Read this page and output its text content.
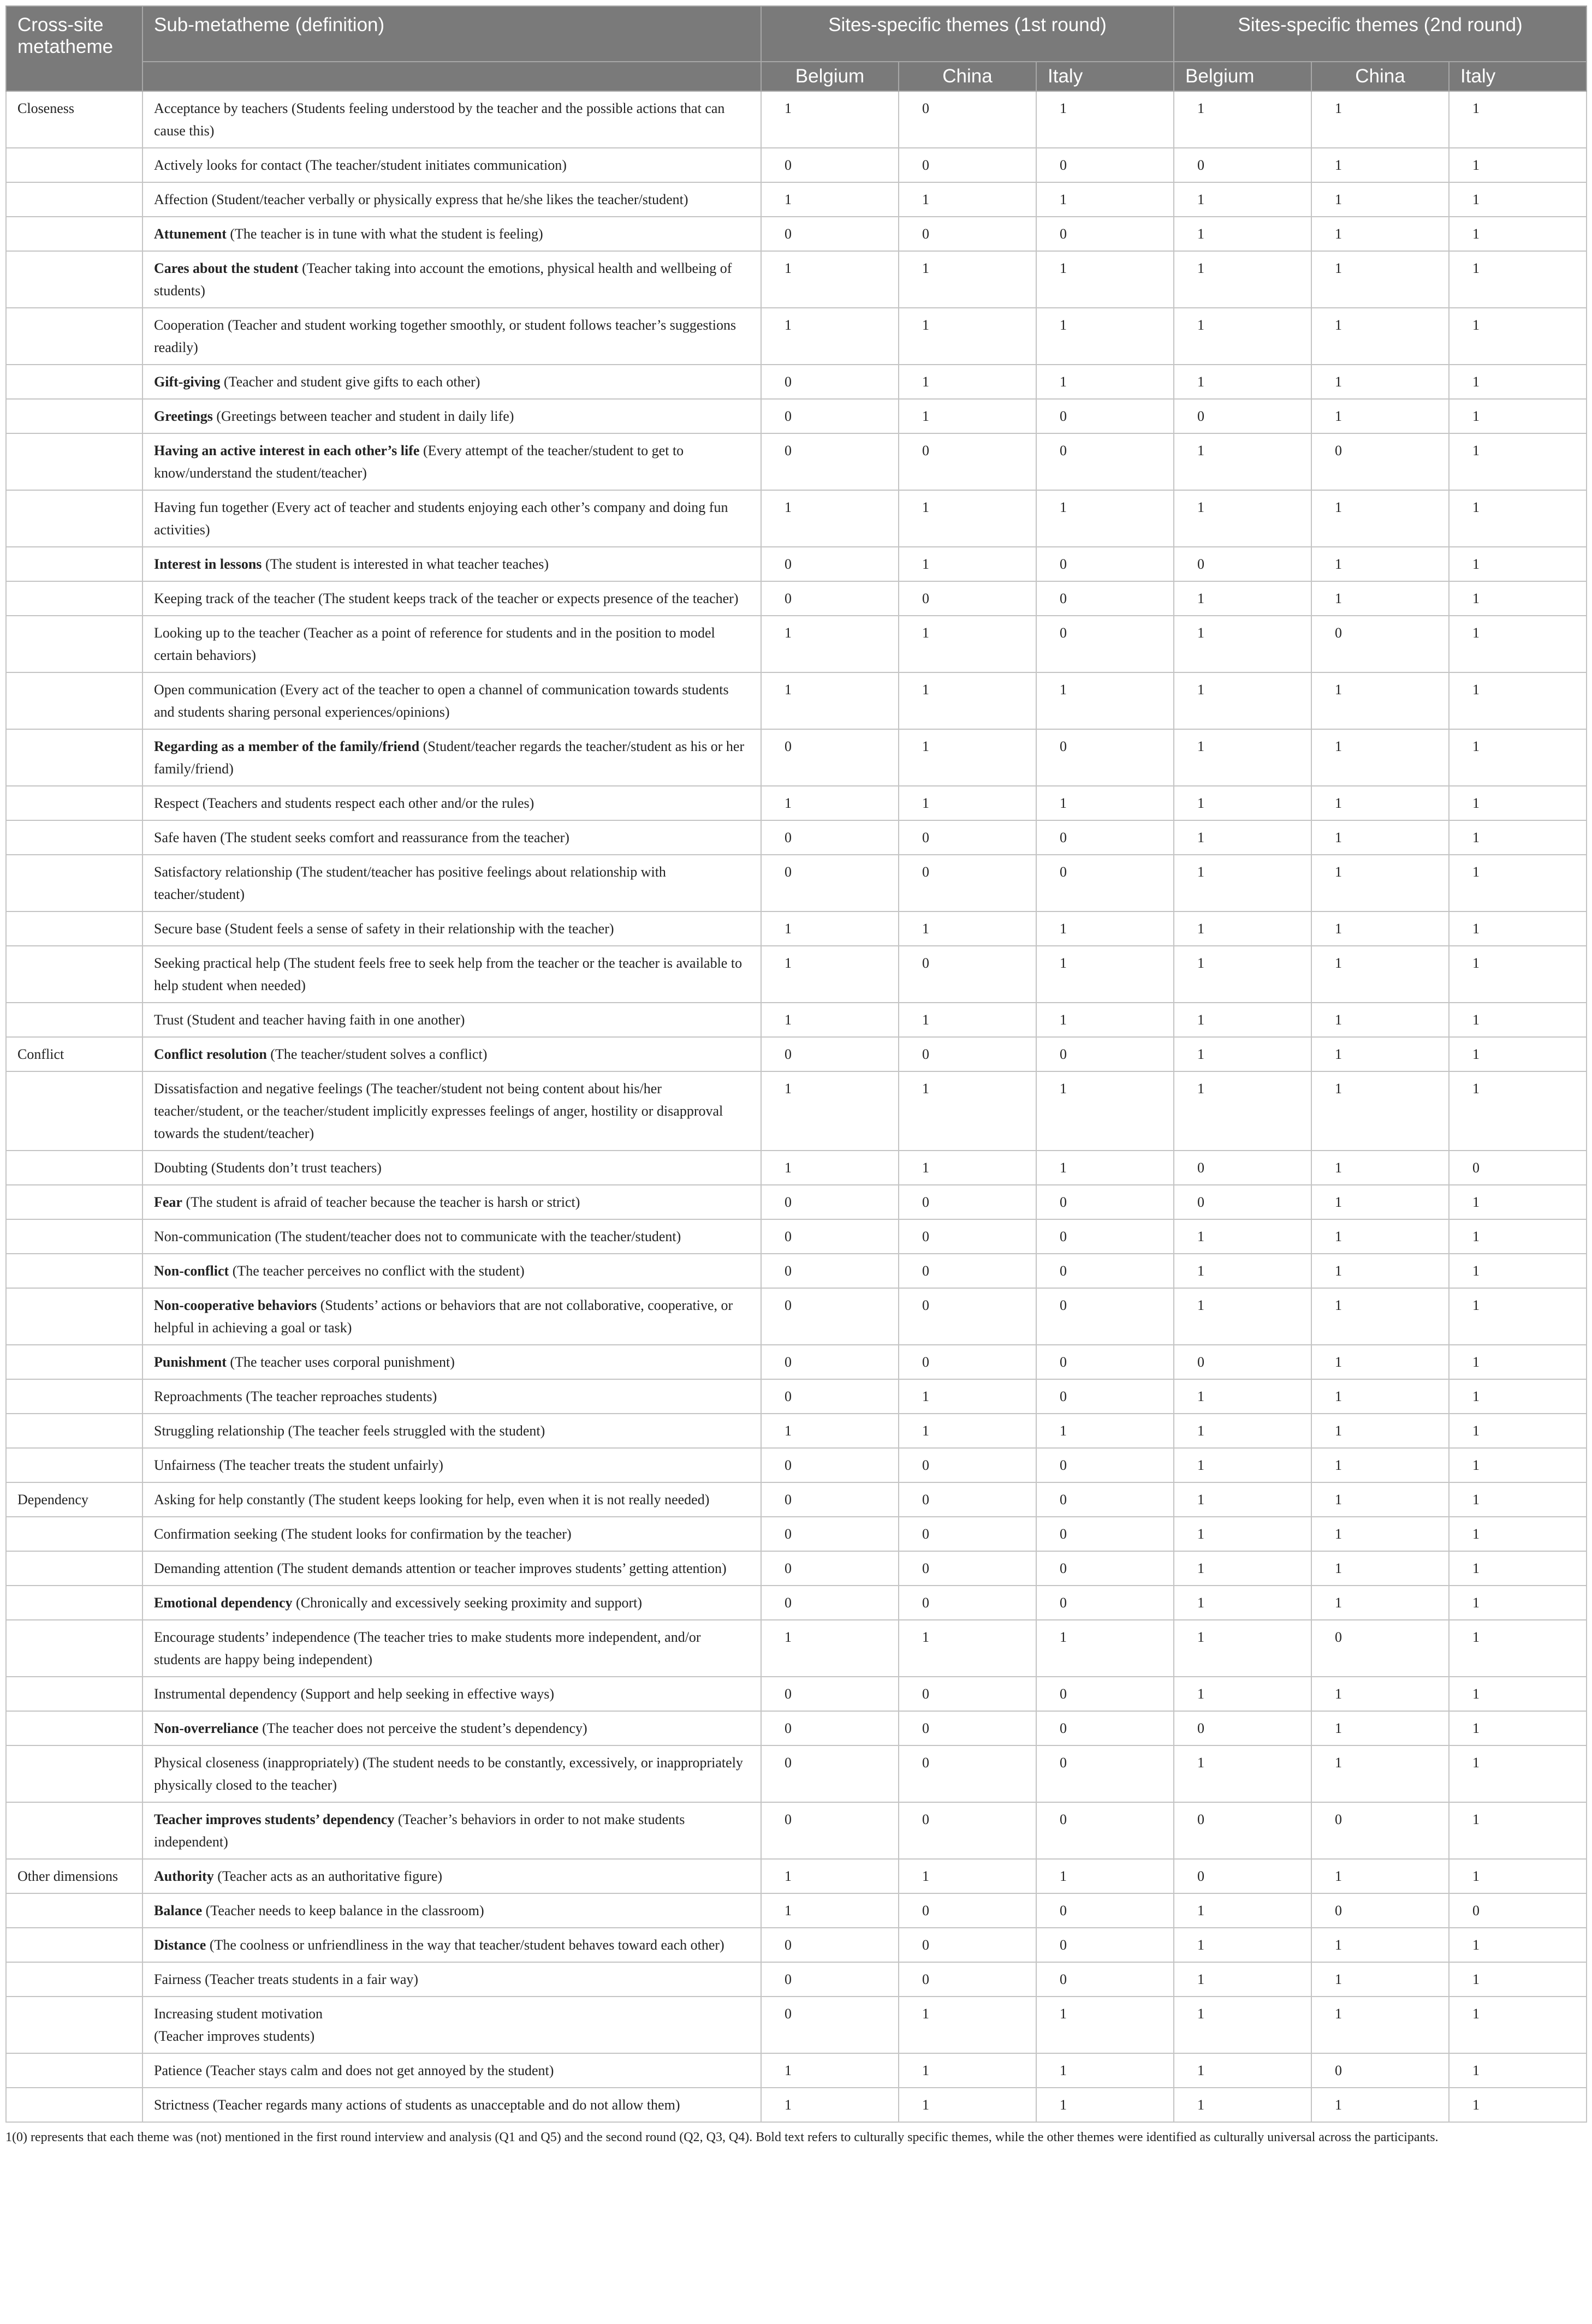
Cross-site metatheme	Sub-metatheme (definition)	Sites-specific themes (1st round)			Sites-specific themes (2nd round)		
		Belgium	China	Italy	Belgium	China	Italy
Closeness	Acceptance by teachers (Students feeling understood by the teacher and the possible actions that can cause this)	1	0	1	1	1	1
	Actively looks for contact (The teacher/student initiates communication)	0	0	0	0	1	1
	Affection (Student/teacher verbally or physically express that he/she likes the teacher/student)	1	1	1	1	1	1
	Attunement (The teacher is in tune with what the student is feeling)	0	0	0	1	1	1
	Cares about the student (Teacher taking into account the emotions, physical health and wellbeing of students)	1	1	1	1	1	1
	Cooperation (Teacher and student working together smoothly, or student follows teacher’s suggestions readily)	1	1	1	1	1	1
	Gift-giving (Teacher and student give gifts to each other)	0	1	1	1	1	1
	Greetings (Greetings between teacher and student in daily life)	0	1	0	0	1	1
	Having an active interest in each other’s life (Every attempt of the teacher/student to get to know/understand the student/teacher)	0	0	0	1	0	1
	Having fun together (Every act of teacher and students enjoying each other’s company and doing fun activities)	1	1	1	1	1	1
	Interest in lessons (The student is interested in what teacher teaches)	0	1	0	0	1	1
	Keeping track of the teacher (The student keeps track of the teacher or expects presence of the teacher)	0	0	0	1	1	1
	Looking up to the teacher (Teacher as a point of reference for students and in the position to model certain behaviors)	1	1	0	1	0	1
	Open communication (Every act of the teacher to open a channel of communication towards students and students sharing personal experiences/opinions)	1	1	1	1	1	1
	Regarding as a member of the family/friend (Student/teacher regards the teacher/student as his or her family/friend)	0	1	0	1	1	1
	Respect (Teachers and students respect each other and/or the rules)	1	1	1	1	1	1
	Safe haven (The student seeks comfort and reassurance from the teacher)	0	0	0	1	1	1
	Satisfactory relationship (The student/teacher has positive feelings about relationship with teacher/student)	0	0	0	1	1	1
	Secure base (Student feels a sense of safety in their relationship with the teacher)	1	1	1	1	1	1
	Seeking practical help (The student feels free to seek help from the teacher or the teacher is available to help student when needed)	1	0	1	1	1	1
	Trust (Student and teacher having faith in one another)	1	1	1	1	1	1
Conflict	Conflict resolution (The teacher/student solves a conflict)	0	0	0	1	1	1
	Dissatisfaction and negative feelings (The teacher/student not being content about his/her teacher/student, or the teacher/student implicitly expresses feelings of anger, hostility or disapproval towards the student/teacher)	1	1	1	1	1	1
	Doubting (Students don’t trust teachers)	1	1	1	0	1	0
	Fear (The student is afraid of teacher because the teacher is harsh or strict)	0	0	0	0	1	1
	Non-communication (The student/teacher does not to communicate with the teacher/student)	0	0	0	1	1	1
	Non-conflict (The teacher perceives no conflict with the student)	0	0	0	1	1	1
	Non-cooperative behaviors (Students’ actions or behaviors that are not collaborative, cooperative, or helpful in achieving a goal or task)	0	0	0	1	1	1
	Punishment (The teacher uses corporal punishment)	0	0	0	0	1	1
	Reproachments (The teacher reproaches students)	0	1	0	1	1	1
	Struggling relationship (The teacher feels struggled with the student)	1	1	1	1	1	1
	Unfairness (The teacher treats the student unfairly)	0	0	0	1	1	1
Dependency	Asking for help constantly (The student keeps looking for help, even when it is not really needed)	0	0	0	1	1	1
	Confirmation seeking (The student looks for confirmation by the teacher)	0	0	0	1	1	1
	Demanding attention (The student demands attention or teacher improves students’ getting attention)	0	0	0	1	1	1
	Emotional dependency (Chronically and excessively seeking proximity and support)	0	0	0	1	1	1
	Encourage students’ independence (The teacher tries to make students more independent, and/or students are happy being independent)	1	1	1	1	0	1
	Instrumental dependency (Support and help seeking in effective ways)	0	0	0	1	1	1
	Non-overreliance (The teacher does not perceive the student’s dependency)	0	0	0	0	1	1
	Physical closeness (inappropriately) (The student needs to be constantly, excessively, or inappropriately physically closed to the teacher)	0	0	0	1	1	1
	Teacher improves students’ dependency (Teacher’s behaviors in order to not make students independent)	0	0	0	0	0	1
Other dimensions	Authority (Teacher acts as an authoritative figure)	1	1	1	0	1	1
	Balance (Teacher needs to keep balance in the classroom)	1	0	0	1	0	0
	Distance (The coolness or unfriendliness in the way that teacher/student behaves toward each other)	0	0	0	1	1	1
	Fairness (Teacher treats students in a fair way)	0	0	0	1	1	1
	Increasing student motivation
(Teacher improves students)	0	1	1	1	1	1
	Patience (Teacher stays calm and does not get annoyed by the student)	1	1	1	1	0	1
	Strictness (Teacher regards many actions of students as unacceptable and do not allow them)	1	1	1	1	1	1
1(0) represents that each theme was (not) mentioned in the first round interview and analysis (Q1 and Q5) and the second round (Q2, Q3, Q4). Bold text refers to culturally specific themes, while the other themes were identified as culturally universal across the participants.
